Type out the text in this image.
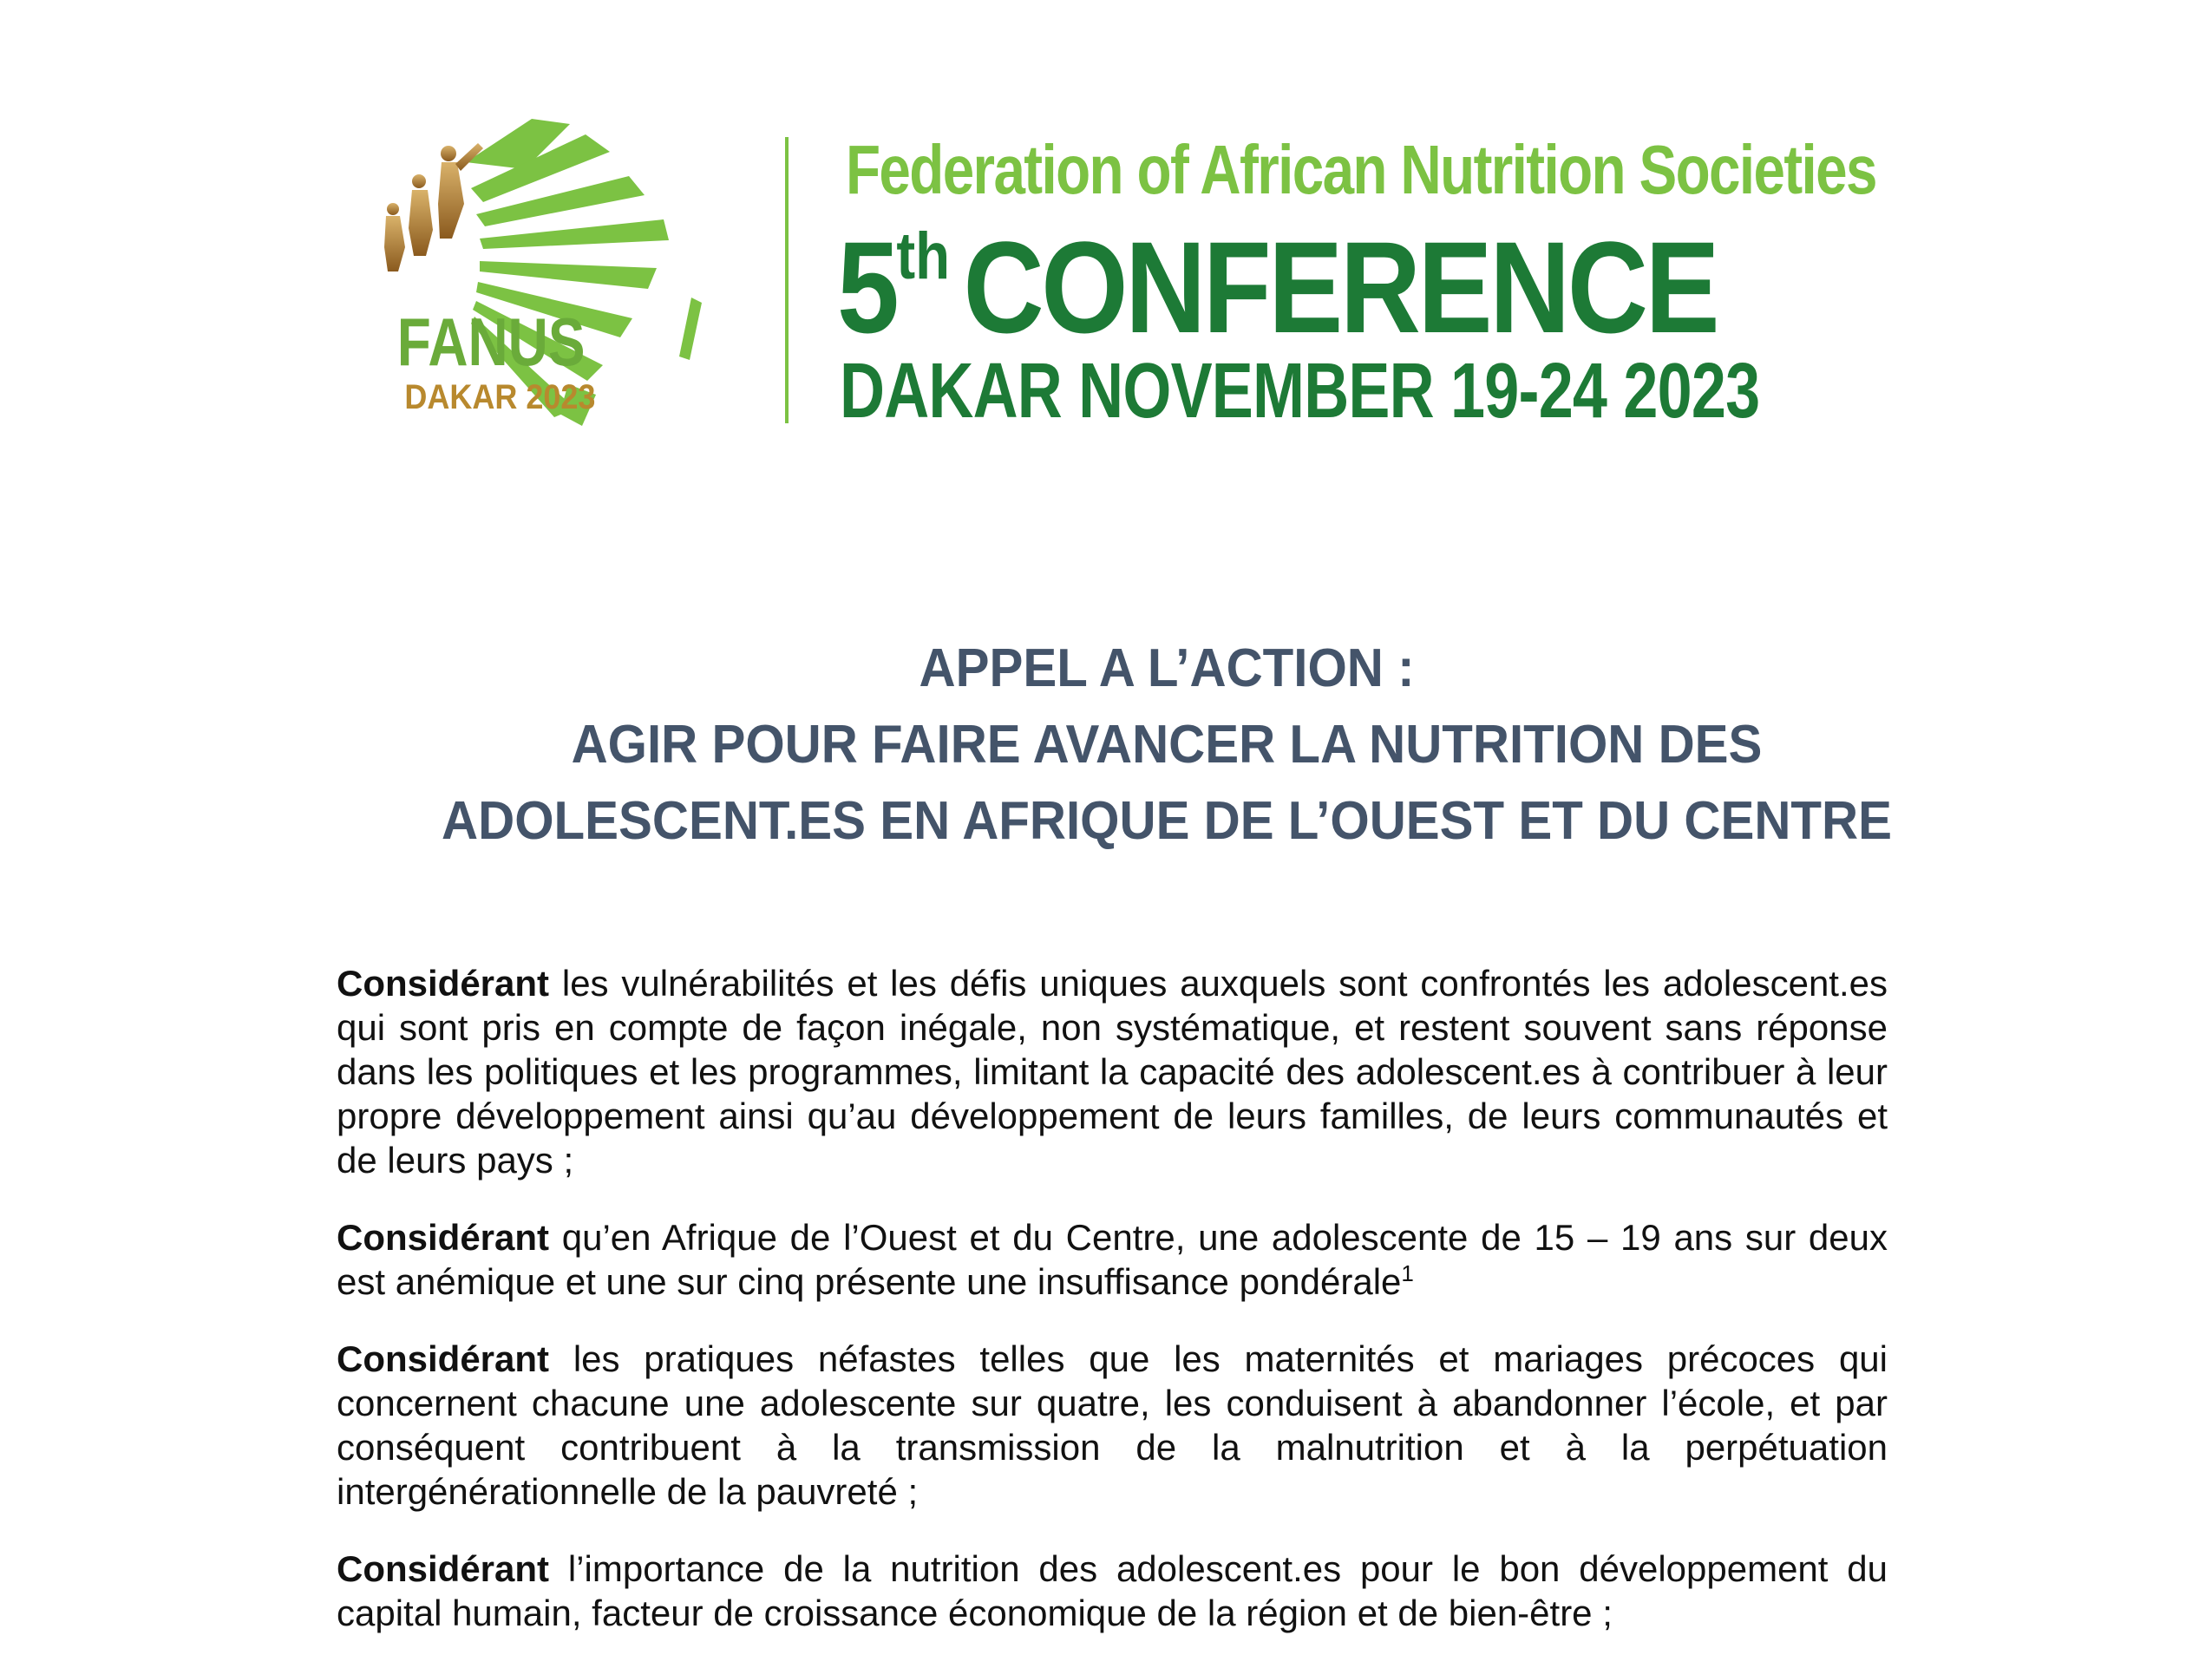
FANUS
DAKAR 2023
Federation of African Nutrition Societies
5th CONFERENCE
DAKAR NOVEMBER 19-24 2023
APPEL A L’ACTION :
AGIR POUR FAIRE AVANCER LA NUTRITION DES
ADOLESCENT.ES EN AFRIQUE DE L’OUEST ET DU CENTRE

Considérant les vulnérabilités et les défis uniques auxquels sont confrontés les adolescent.es qui sont pris en compte de façon inégale, non systématique, et restent souvent sans réponse dans les politiques et les programmes, limitant la capacité des adolescent.es à contribuer à leur propre développement ainsi qu’au développement de leurs familles, de leurs communautés et de leurs pays ;

Considérant qu’en Afrique de l’Ouest et du Centre, une adolescente de 15 – 19 ans sur deux est anémique et une sur cinq présente une insuffisance pondérale$^1$

Considérant les pratiques néfastes telles que les maternités et mariages précoces qui concernent chacune une adolescente sur quatre, les conduisent à abandonner l’école, et par conséquent contribuent à la transmission de la malnutrition et à la perpétuation intergénérationnelle de la pauvreté ;

Considérant l’importance de la nutrition des adolescent.es pour le bon développement du capital humain, facteur de croissance économique de la région et de bien-être ;
